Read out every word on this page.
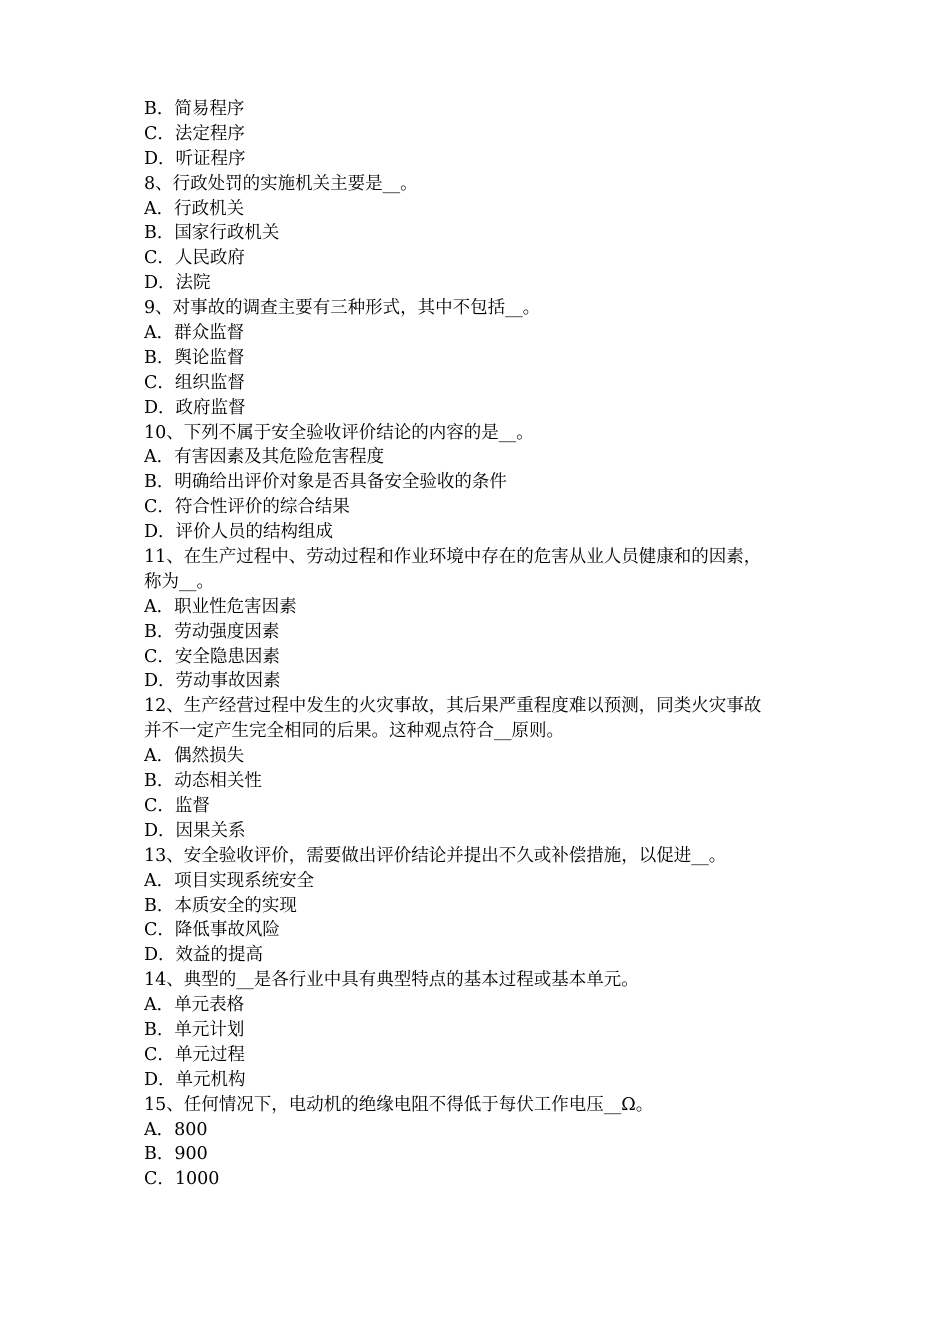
B．简易程序
C．法定程序
D．听证程序
8、行政处罚的实施机关主要是__。
A．行政机关
B．国家行政机关
C．人民政府
D．法院
9、对事故的调查主要有三种形式，其中不包括__。
A．群众监督
B．舆论监督
C．组织监督
D．政府监督
10、下列不属于安全验收评价结论的内容的是__。
A．有害因素及其危险危害程度
B．明确给出评价对象是否具备安全验收的条件
C．符合性评价的综合结果
D．评价人员的结构组成
11、在生产过程中、劳动过程和作业环境中存在的危害从业人员健康和的因素，
称为__。
A．职业性危害因素
B．劳动强度因素
C．安全隐患因素
D．劳动事故因素
12、生产经营过程中发生的火灾事故，其后果严重程度难以预测，同类火灾事故
并不一定产生完全相同的后果。这种观点符合__原则。
A．偶然损失
B．动态相关性
C．监督
D．因果关系
13、安全验收评价，需要做出评价结论并提出不久或补偿措施，以促进__。
A．项目实现系统安全
B．本质安全的实现
C．降低事故风险
D．效益的提高
14、典型的__是各行业中具有典型特点的基本过程或基本单元。
A．单元表格
B．单元计划
C．单元过程
D．单元机构
15、任何情况下，电动机的绝缘电阻不得低于每伏工作电压__Ω。
A．800
B．900
C．1000
